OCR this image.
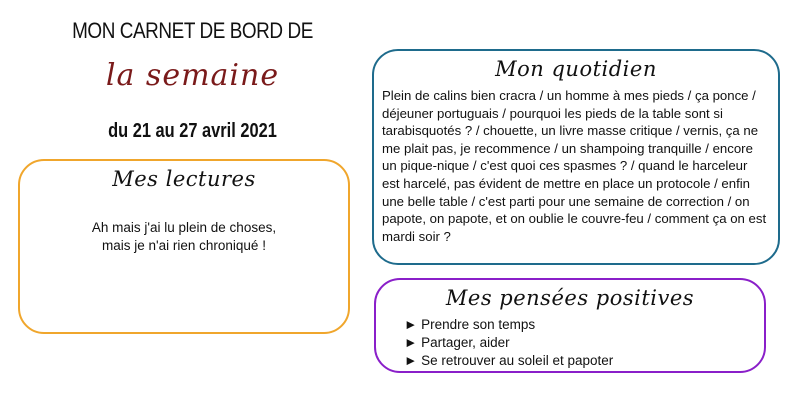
MON CARNET DE BORD DE
la semaine
du 21 au 27 avril 2021
Mes lectures
Ah mais j'ai lu plein de choses,
mais je n'ai rien chroniqué !
Mon quotidien
Plein de calins bien cracra / un homme à mes pieds / ça ponce / déjeuner portuguais / pourquoi les pieds de la table sont si tarabisquotés ? / chouette, un livre masse critique / vernis, ça ne me plait pas, je recommence / un shampoing tranquille / encore un pique-nique / c'est quoi ces spasmes ? / quand le harceleur est harcelé, pas évident de mettre en place un protocole / enfin une belle table / c'est parti pour une semaine de correction / on papote, on papote, et on oublie le couvre-feu / comment ça on est mardi soir ?
Mes pensées positives
► Prendre son temps
► Partager, aider
► Se retrouver au soleil et papoter
